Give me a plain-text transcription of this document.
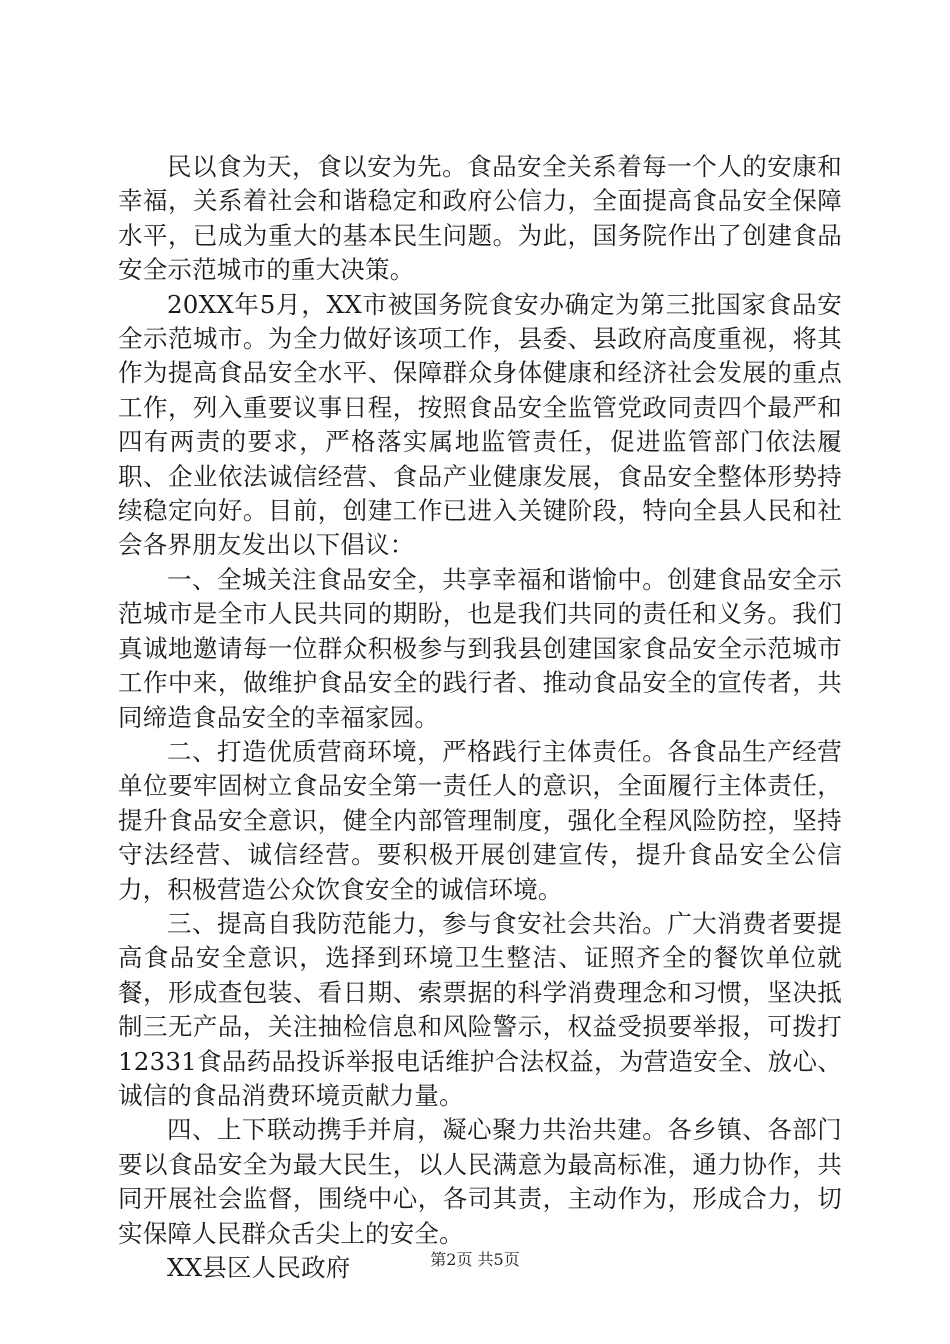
民以食为天，食以安为先。食品安全关系着每一个人的安康和幸福，关系着社会和谐稳定和政府公信力，全面提高食品安全保障水平，已成为重大的基本民生问题。为此，国务院作出了创建食品安全示范城市的重大决策。

20XX年5月，XX市被国务院食安办确定为第三批国家食品安全示范城市。为全力做好该项工作，县委、县政府高度重视，将其作为提高食品安全水平、保障群众身体健康和经济社会发展的重点工作，列入重要议事日程，按照食品安全监管党政同责四个最严和四有两责的要求，严格落实属地监管责任，促进监管部门依法履职、企业依法诚信经营、食品产业健康发展，食品安全整体形势持续稳定向好。目前，创建工作已进入关键阶段，特向全县人民和社会各界朋友发出以下倡议：

一、全城关注食品安全，共享幸福和谐愉中。创建食品安全示范城市是全市人民共同的期盼，也是我们共同的责任和义务。我们真诚地邀请每一位群众积极参与到我县创建国家食品安全示范城市工作中来，做维护食品安全的践行者、推动食品安全的宣传者，共同缔造食品安全的幸福家园。

二、打造优质营商环境，严格践行主体责任。各食品生产经营单位要牢固树立食品安全第一责任人的意识，全面履行主体责任，提升食品安全意识，健全内部管理制度，强化全程风险防控，坚持守法经营、诚信经营。要积极开展创建宣传，提升食品安全公信力，积极营造公众饮食安全的诚信环境。

三、提高自我防范能力，参与食安社会共治。广大消费者要提高食品安全意识，选择到环境卫生整洁、证照齐全的餐饮单位就餐，形成查包装、看日期、索票据的科学消费理念和习惯，坚决抵制三无产品，关注抽检信息和风险警示，权益受损要举报，可拨打12331食品药品投诉举报电话维护合法权益，为营造安全、放心、诚信的食品消费环境贡献力量。

四、上下联动携手并肩，凝心聚力共治共建。各乡镇、各部门要以食品安全为最大民生，以人民满意为最高标准，通力协作，共同开展社会监督，围绕中心，各司其责，主动作为，形成合力，切实保障人民群众舌尖上的安全。

XX县区人民政府	第2页 共5页
